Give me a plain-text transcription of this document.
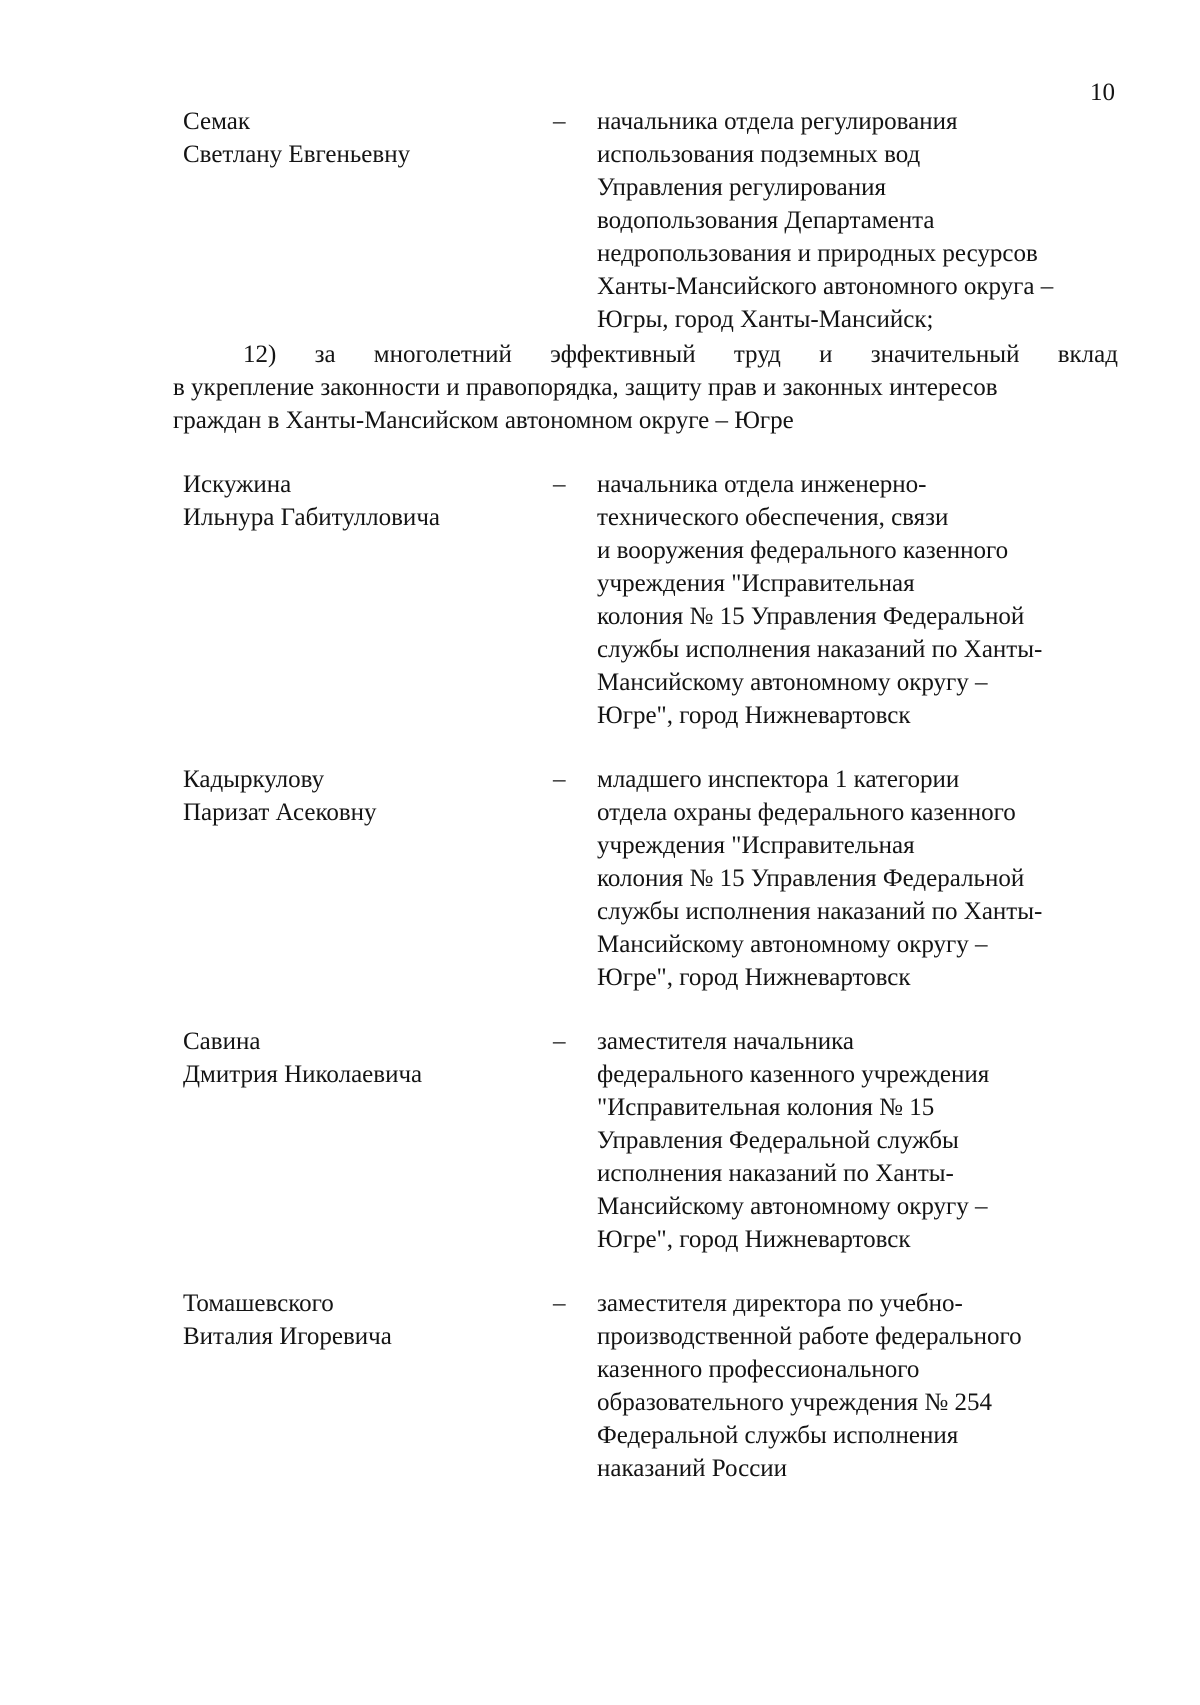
10
Семак
Светлану Евгеньевну
– начальника отдела регулирования
использования подземных вод
Управления регулирования
водопользования Департамента
недропользования и природных ресурсов
Ханты-Мансийского автономного округа –
Югры, город Ханты-Мансийск;
12) за многолетний эффективный труд и значительный вклад
в укрепление законности и правопорядка, защиту прав и законных интересов
граждан в Ханты-Мансийском автономном округе – Югре
Искужина
Ильнура Габитулловича
– начальника отдела инженерно-
технического обеспечения, связи
и вооружения федерального казенного
учреждения "Исправительная
колония № 15 Управления Федеральной
службы исполнения наказаний по Ханты-
Мансийскому автономному округу –
Югре", город Нижневартовск
Кадыркулову
Паризат Асековну
– младшего инспектора 1 категории
отдела охраны федерального казенного
учреждения "Исправительная
колония № 15 Управления Федеральной
службы исполнения наказаний по Ханты-
Мансийскому автономному округу –
Югре", город Нижневартовск
Савина
Дмитрия Николаевича
– заместителя начальника
федерального казенного учреждения
"Исправительная колония № 15
Управления Федеральной службы
исполнения наказаний по Ханты-
Мансийскому автономному округу –
Югре", город Нижневартовск
Томашевского
Виталия Игоревича
– заместителя директора по учебно-
производственной работе федерального
казенного профессионального
образовательного учреждения № 254
Федеральной службы исполнения
наказаний России
